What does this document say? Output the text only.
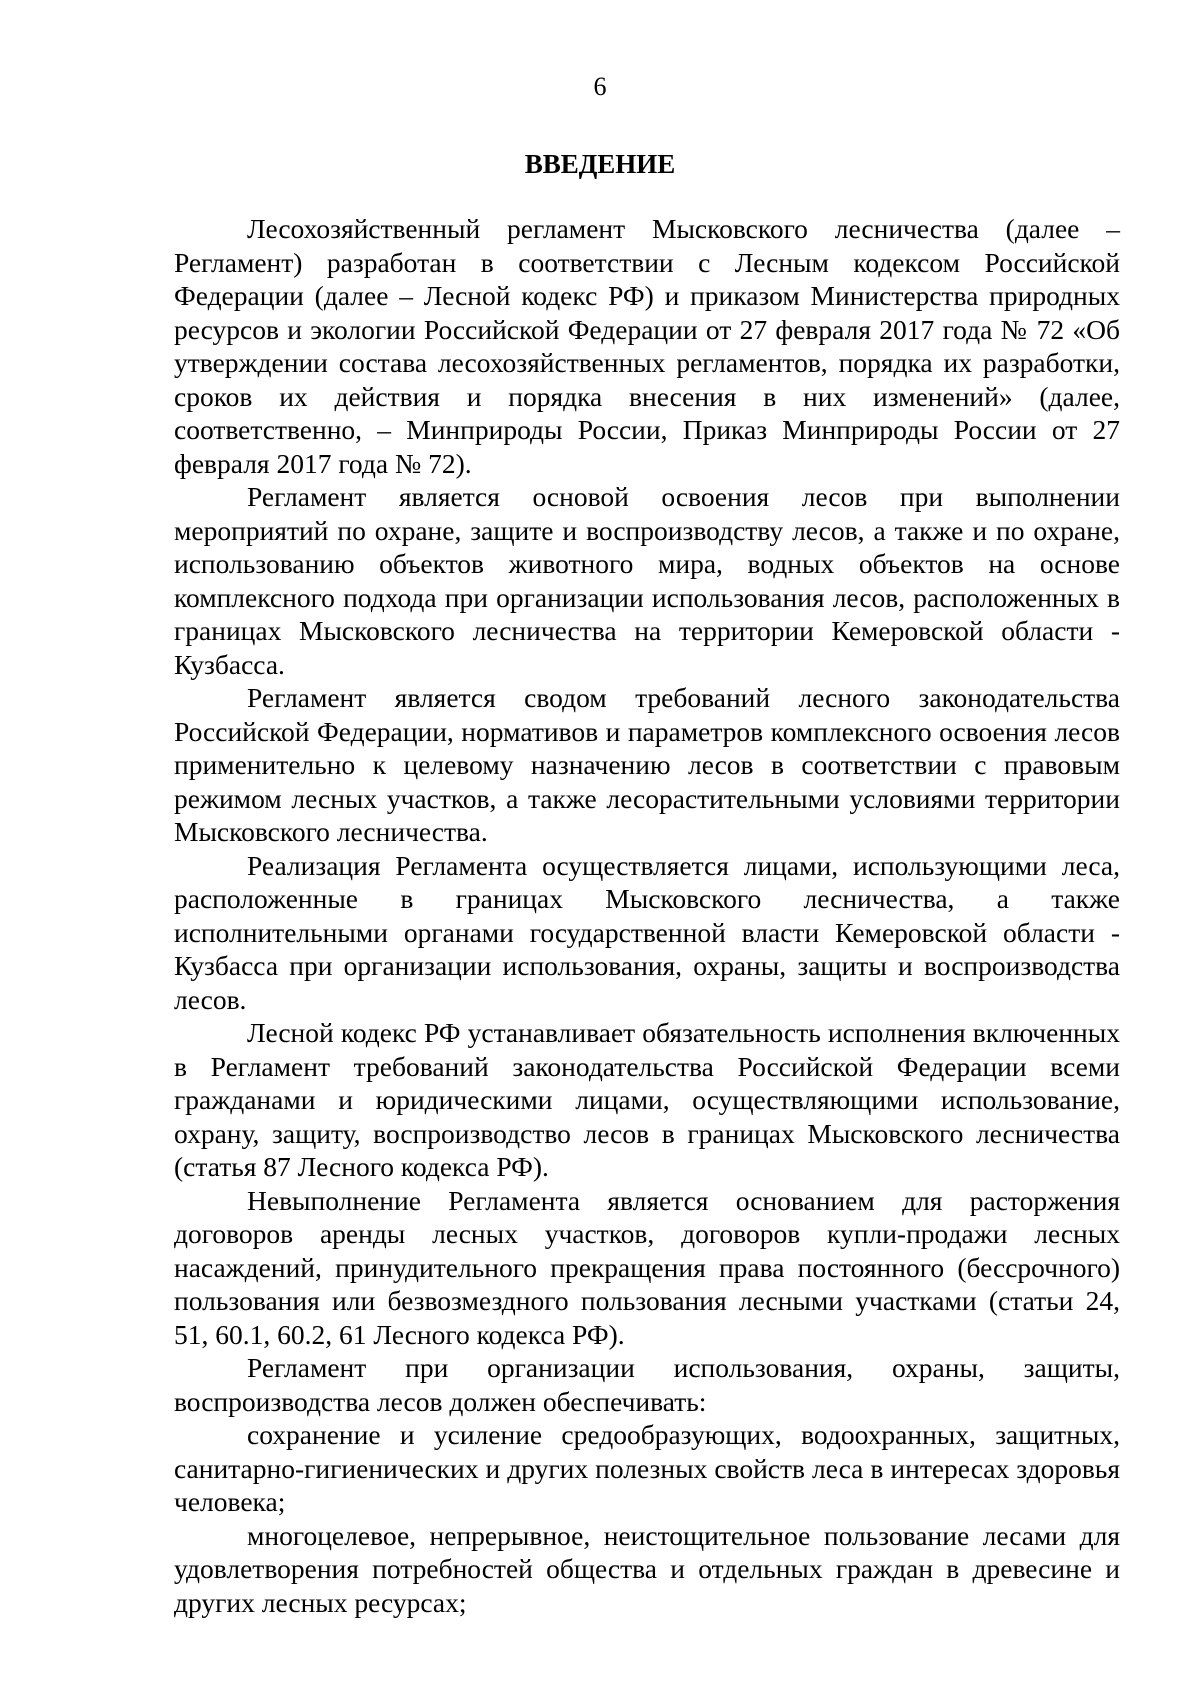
6
ВВЕДЕНИЕ

Лесохозяйственный регламент Мысковского лесничества (далее – Регламент) разработан в соответствии с Лесным кодексом Российской Федерации (далее – Лесной кодекс РФ) и приказом Министерства природных ресурсов и экологии Российской Федерации от 27 февраля 2017 года № 72 «Об утверждении состава лесохозяйственных регламентов, порядка их разработки, сроков их действия и порядка внесения в них изменений» (далее, соответственно, – Минприроды России, Приказ Минприроды России от 27 февраля 2017 года № 72).

Регламент является основой освоения лесов при выполнении мероприятий по охране, защите и воспроизводству лесов, а также и по охране, использованию объектов животного мира, водных объектов на основе комплексного подхода при организации использования лесов, расположенных в границах Мысковского лесничества на территории Кемеровской области - Кузбасса.

Регламент является сводом требований лесного законодательства Российской Федерации, нормативов и параметров комплексного освоения лесов применительно к целевому назначению лесов в соответствии с правовым режимом лесных участков, а также лесорастительными условиями территории Мысковского лесничества.

Реализация Регламента осуществляется лицами, использующими леса, расположенные в границах Мысковского лесничества, а также исполнительными органами государственной власти Кемеровской области - Кузбасса при организации использования, охраны, защиты и воспроизводства лесов.

Лесной кодекс РФ устанавливает обязательность исполнения включенных в Регламент требований законодательства Российской Федерации всеми гражданами и юридическими лицами, осуществляющими использование, охрану, защиту, воспроизводство лесов в границах Мысковского лесничества (статья 87 Лесного кодекса РФ).

Невыполнение Регламента является основанием для расторжения договоров аренды лесных участков, договоров купли-продажи лесных насаждений, принудительного прекращения права постоянного (бессрочного) пользования или безвозмездного пользования лесными участками (статьи 24, 51, 60.1, 60.2, 61 Лесного кодекса РФ).

Регламент при организации использования, охраны, защиты, воспроизводства лесов должен обеспечивать:

сохранение и усиление средообразующих, водоохранных, защитных, санитарно-гигиенических и других полезных свойств леса в интересах здоровья человека;

многоцелевое, непрерывное, неистощительное пользование лесами для удовлетворения потребностей общества и отдельных граждан в древесине и других лесных ресурсах;
